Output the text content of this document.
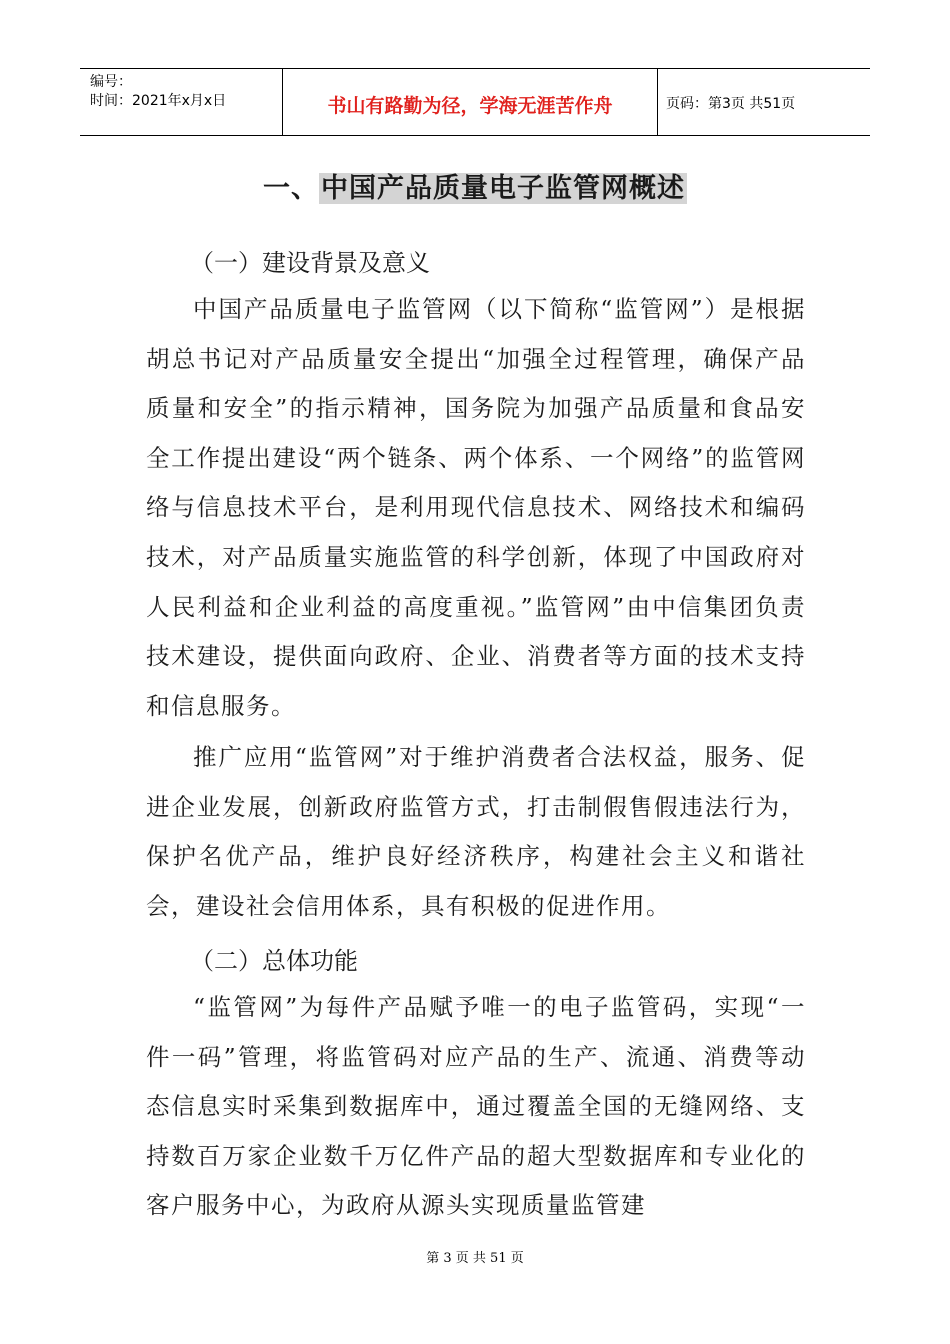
编号：
时间：2021年x月x日	书山有路勤为径，学海无涯苦作舟	页码：第3页 共51页
一、中国产品质量电子监管网概述
（一）建设背景及意义
中国产品质量电子监管网（以下简称“监管网”）是根据胡总书记对产品质量安全提出“加强全过程管理，确保产品质量和安全”的指示精神，国务院为加强产品质量和食品安全工作提出建设“两个链条、两个体系、一个网络”的监管网络与信息技术平台，是利用现代信息技术、网络技术和编码技术，对产品质量实施监管的科学创新，体现了中国政府对人民利益和企业利益的高度重视。”监管网”由中信集团负责技术建设，提供面向政府、企业、消费者等方面的技术支持和信息服务。
推广应用“监管网”对于维护消费者合法权益，服务、促进企业发展，创新政府监管方式，打击制假售假违法行为，保护名优产品，维护良好经济秩序，构建社会主义和谐社会，建设社会信用体系，具有积极的促进作用。
（二）总体功能
“监管网”为每件产品赋予唯一的电子监管码，实现“一件一码”管理，将监管码对应产品的生产、流通、消费等动态信息实时采集到数据库中，通过覆盖全国的无缝网络、支持数百万家企业数千万亿件产品的超大型数据库和专业化的客户服务中心，为政府从源头实现质量监管建
第 3 页 共 51 页
